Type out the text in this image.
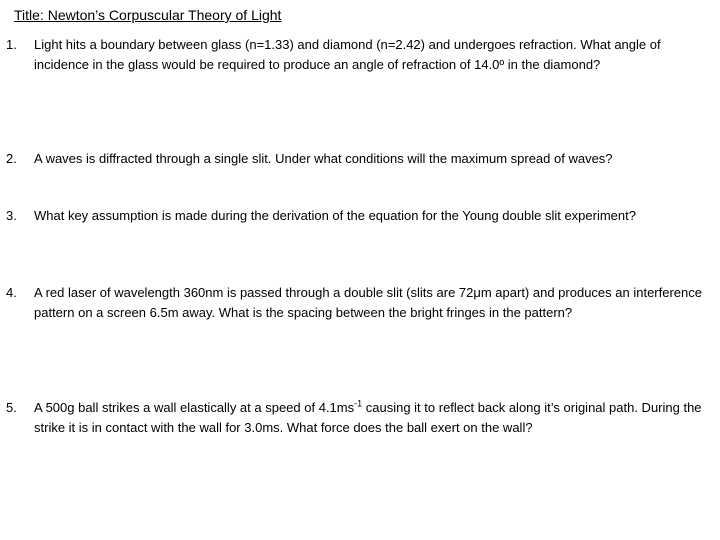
Title: Newton’s Corpuscular Theory of Light
1.	Light hits a boundary between glass (n=1.33) and diamond (n=2.42) and undergoes refraction. What angle of incidence in the glass would be required to produce an angle of refraction of 14.0º in the diamond?
2.	A waves is diffracted through a single slit. Under what conditions will the maximum spread of waves?
3.	What key assumption is made during the derivation of the equation for the Young double slit experiment?
4.	A red laser of wavelength 360nm is passed through a double slit (slits are 72μm apart) and produces an interference pattern on a screen 6.5m away. What is the spacing between the bright fringes in the pattern?
5.	A 500g ball strikes a wall elastically at a speed of $4.1ms^{-1}$ causing it to reflect back along it’s original path. During the strike it is in contact with the wall for 3.0ms. What force does the ball exert on the wall?
